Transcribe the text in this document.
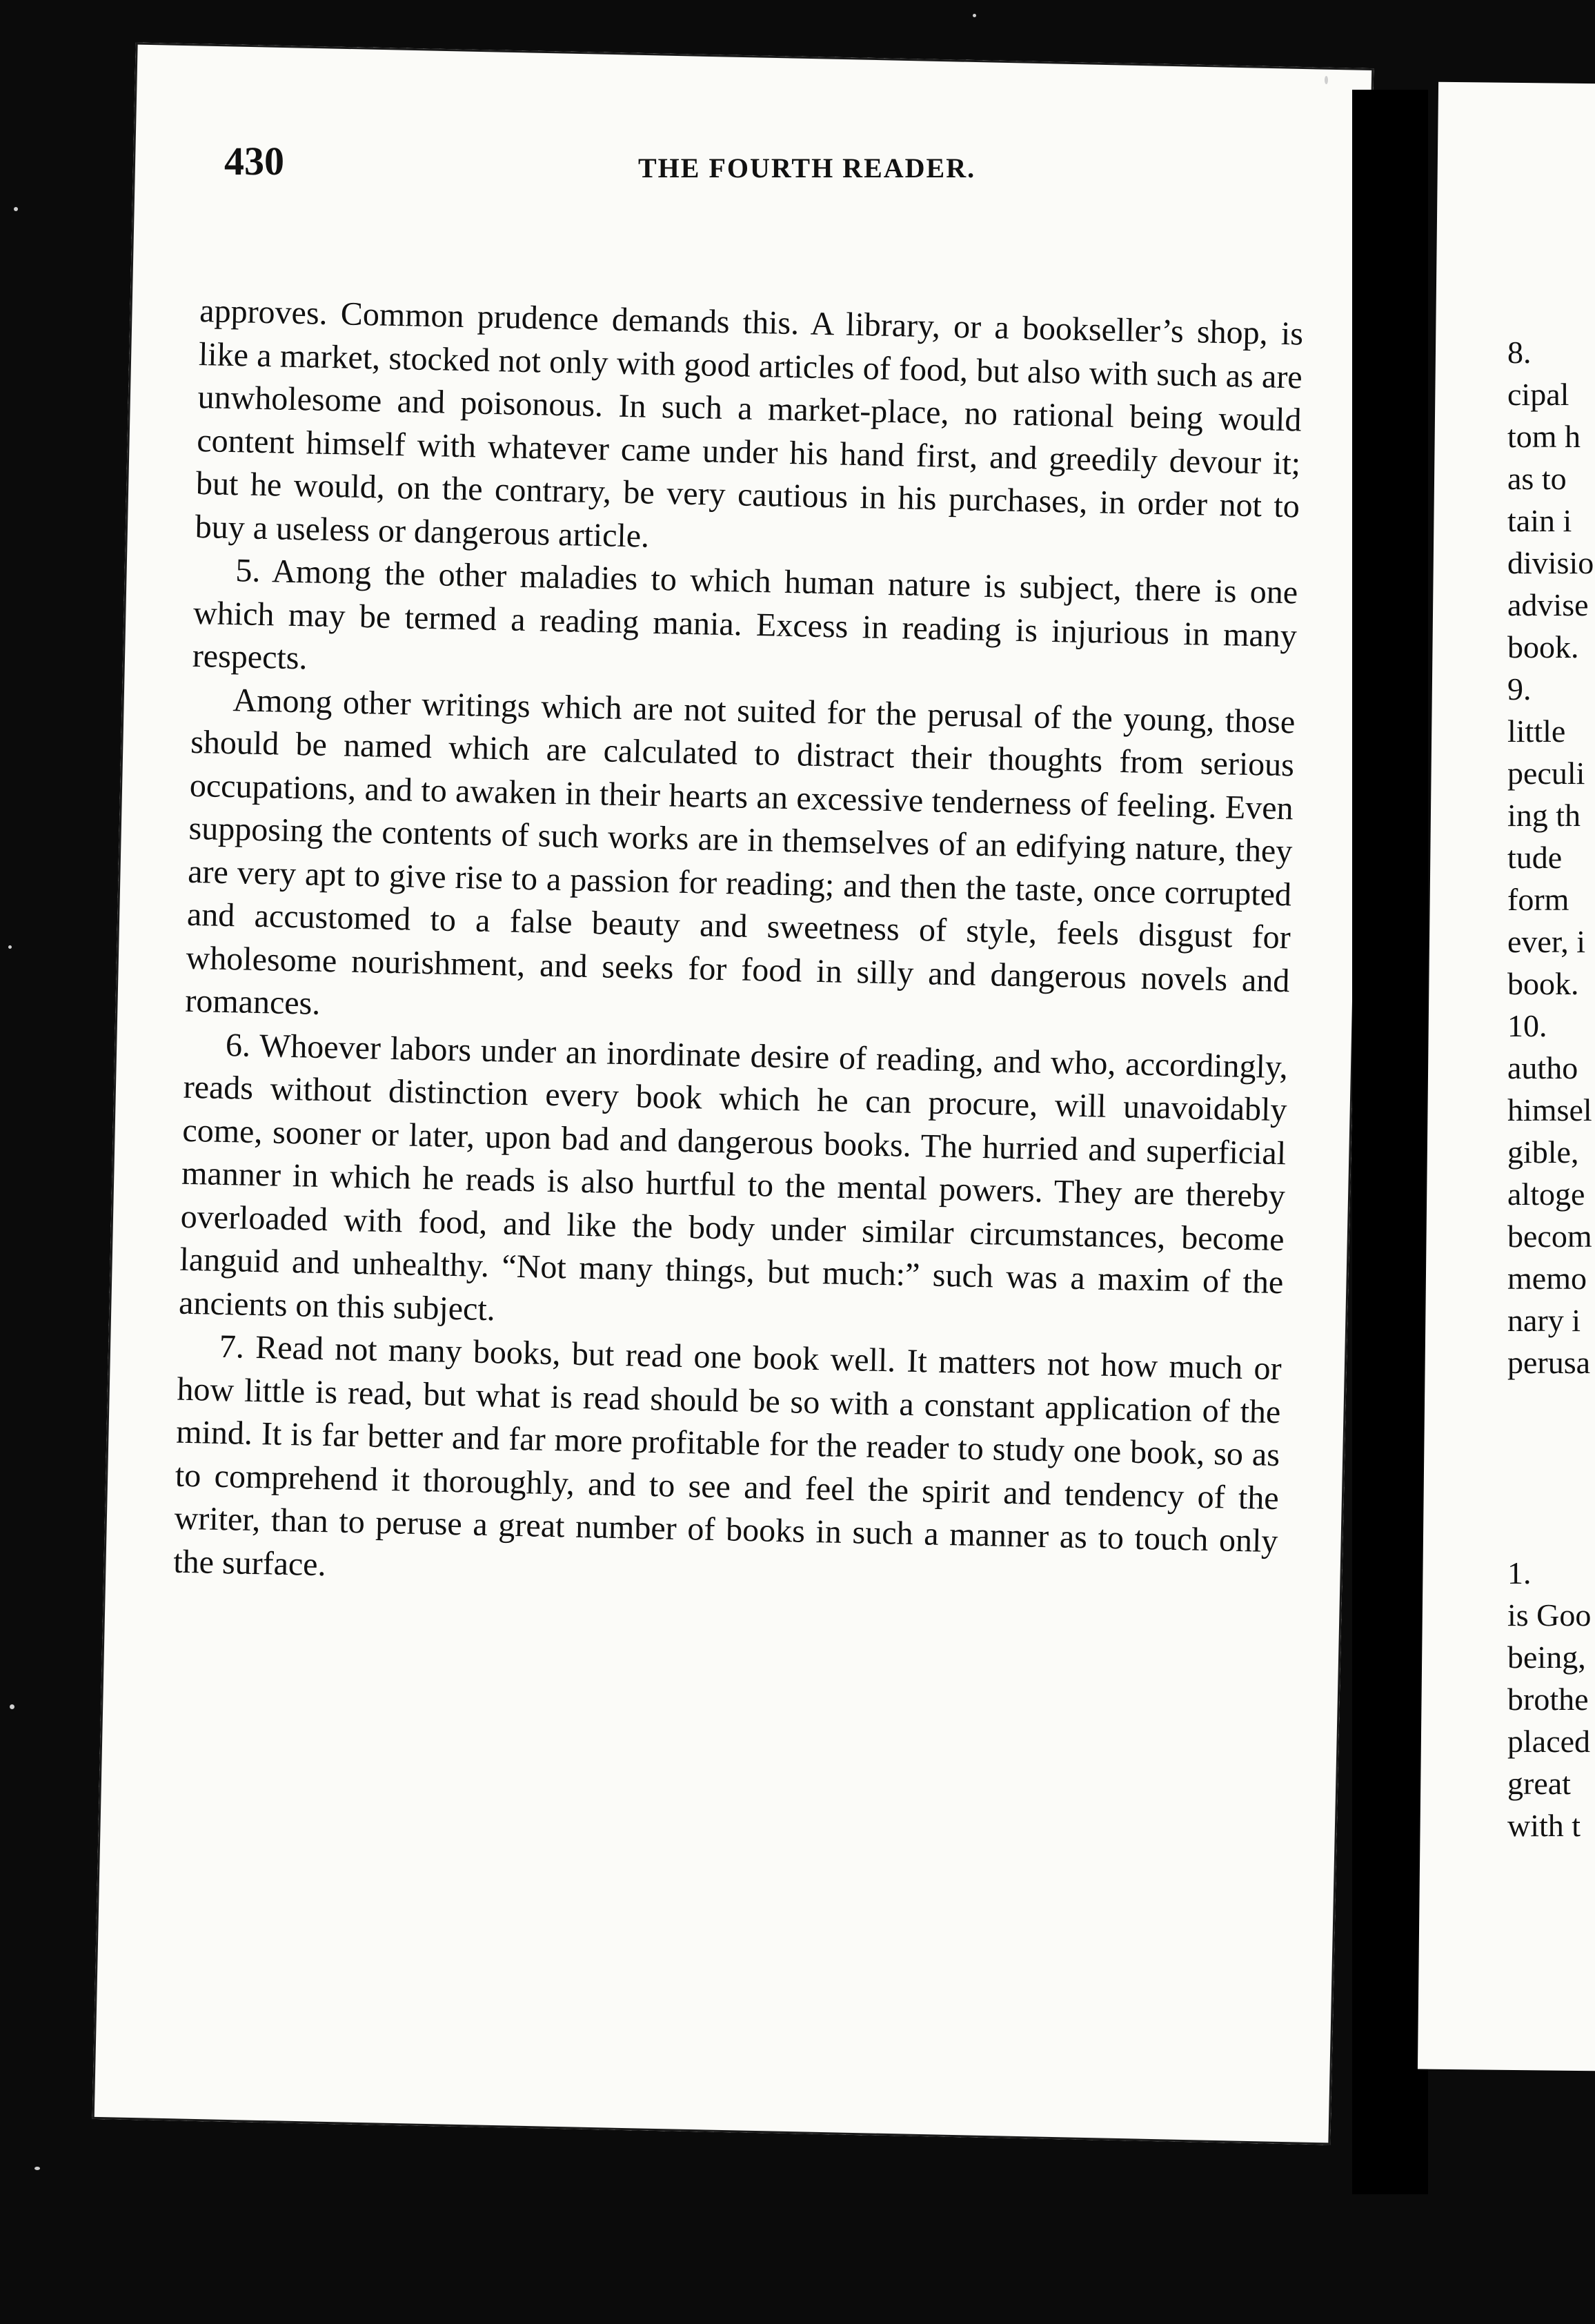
430	THE FOURTH READER.

approves. Common prudence demands this. A library, or a bookseller’s shop, is like a market, stocked not only with good articles of food, but also with such as are unwholesome and poisonous. In such a market-place, no rational being would content himself with whatever came under his hand first, and greedily devour it; but he would, on the contrary, be very cautious in his purchases, in order not to buy a useless or dangerous article.

5. Among the other maladies to which human nature is subject, there is one which may be termed a reading mania. Excess in reading is injurious in many respects.

Among other writings which are not suited for the perusal of the young, those should be named which are calculated to distract their thoughts from serious occupations, and to awaken in their hearts an excessive tenderness of feeling. Even supposing the contents of such works are in themselves of an edifying nature, they are very apt to give rise to a passion for reading; and then the taste, once corrupted and accustomed to a false beauty and sweetness of style, feels disgust for wholesome nourishment, and seeks for food in silly and dangerous novels and romances.

6. Whoever labors under an inordinate desire of reading, and who, accordingly, reads without distinction every book which he can procure, will unavoidably come, sooner or later, upon bad and dangerous books. The hurried and superficial manner in which he reads is also hurtful to the mental powers. They are thereby overloaded with food, and like the body under similar circumstances, become languid and unhealthy. “Not many things, but much:” such was a maxim of the ancients on this subject.

7. Read not many books, but read one book well. It matters not how much or how little is read, but what is read should be so with a constant application of the mind. It is far better and far more profitable for the reader to study one book, so as to comprehend it thoroughly, and to see and feel the spirit and tendency of the writer, than to peruse a great number of books in such a manner as to touch only the surface.

8.
cipal
tom h
as to
tain i
divisio
advise
book.
9.
little
peculi
ing th
tude
form
ever, i
book.
10.
autho
himsel
gible,
altoge
becom
memo
nary i
perusa
1.
is Goo
being,
brothe
placed
great
with t
